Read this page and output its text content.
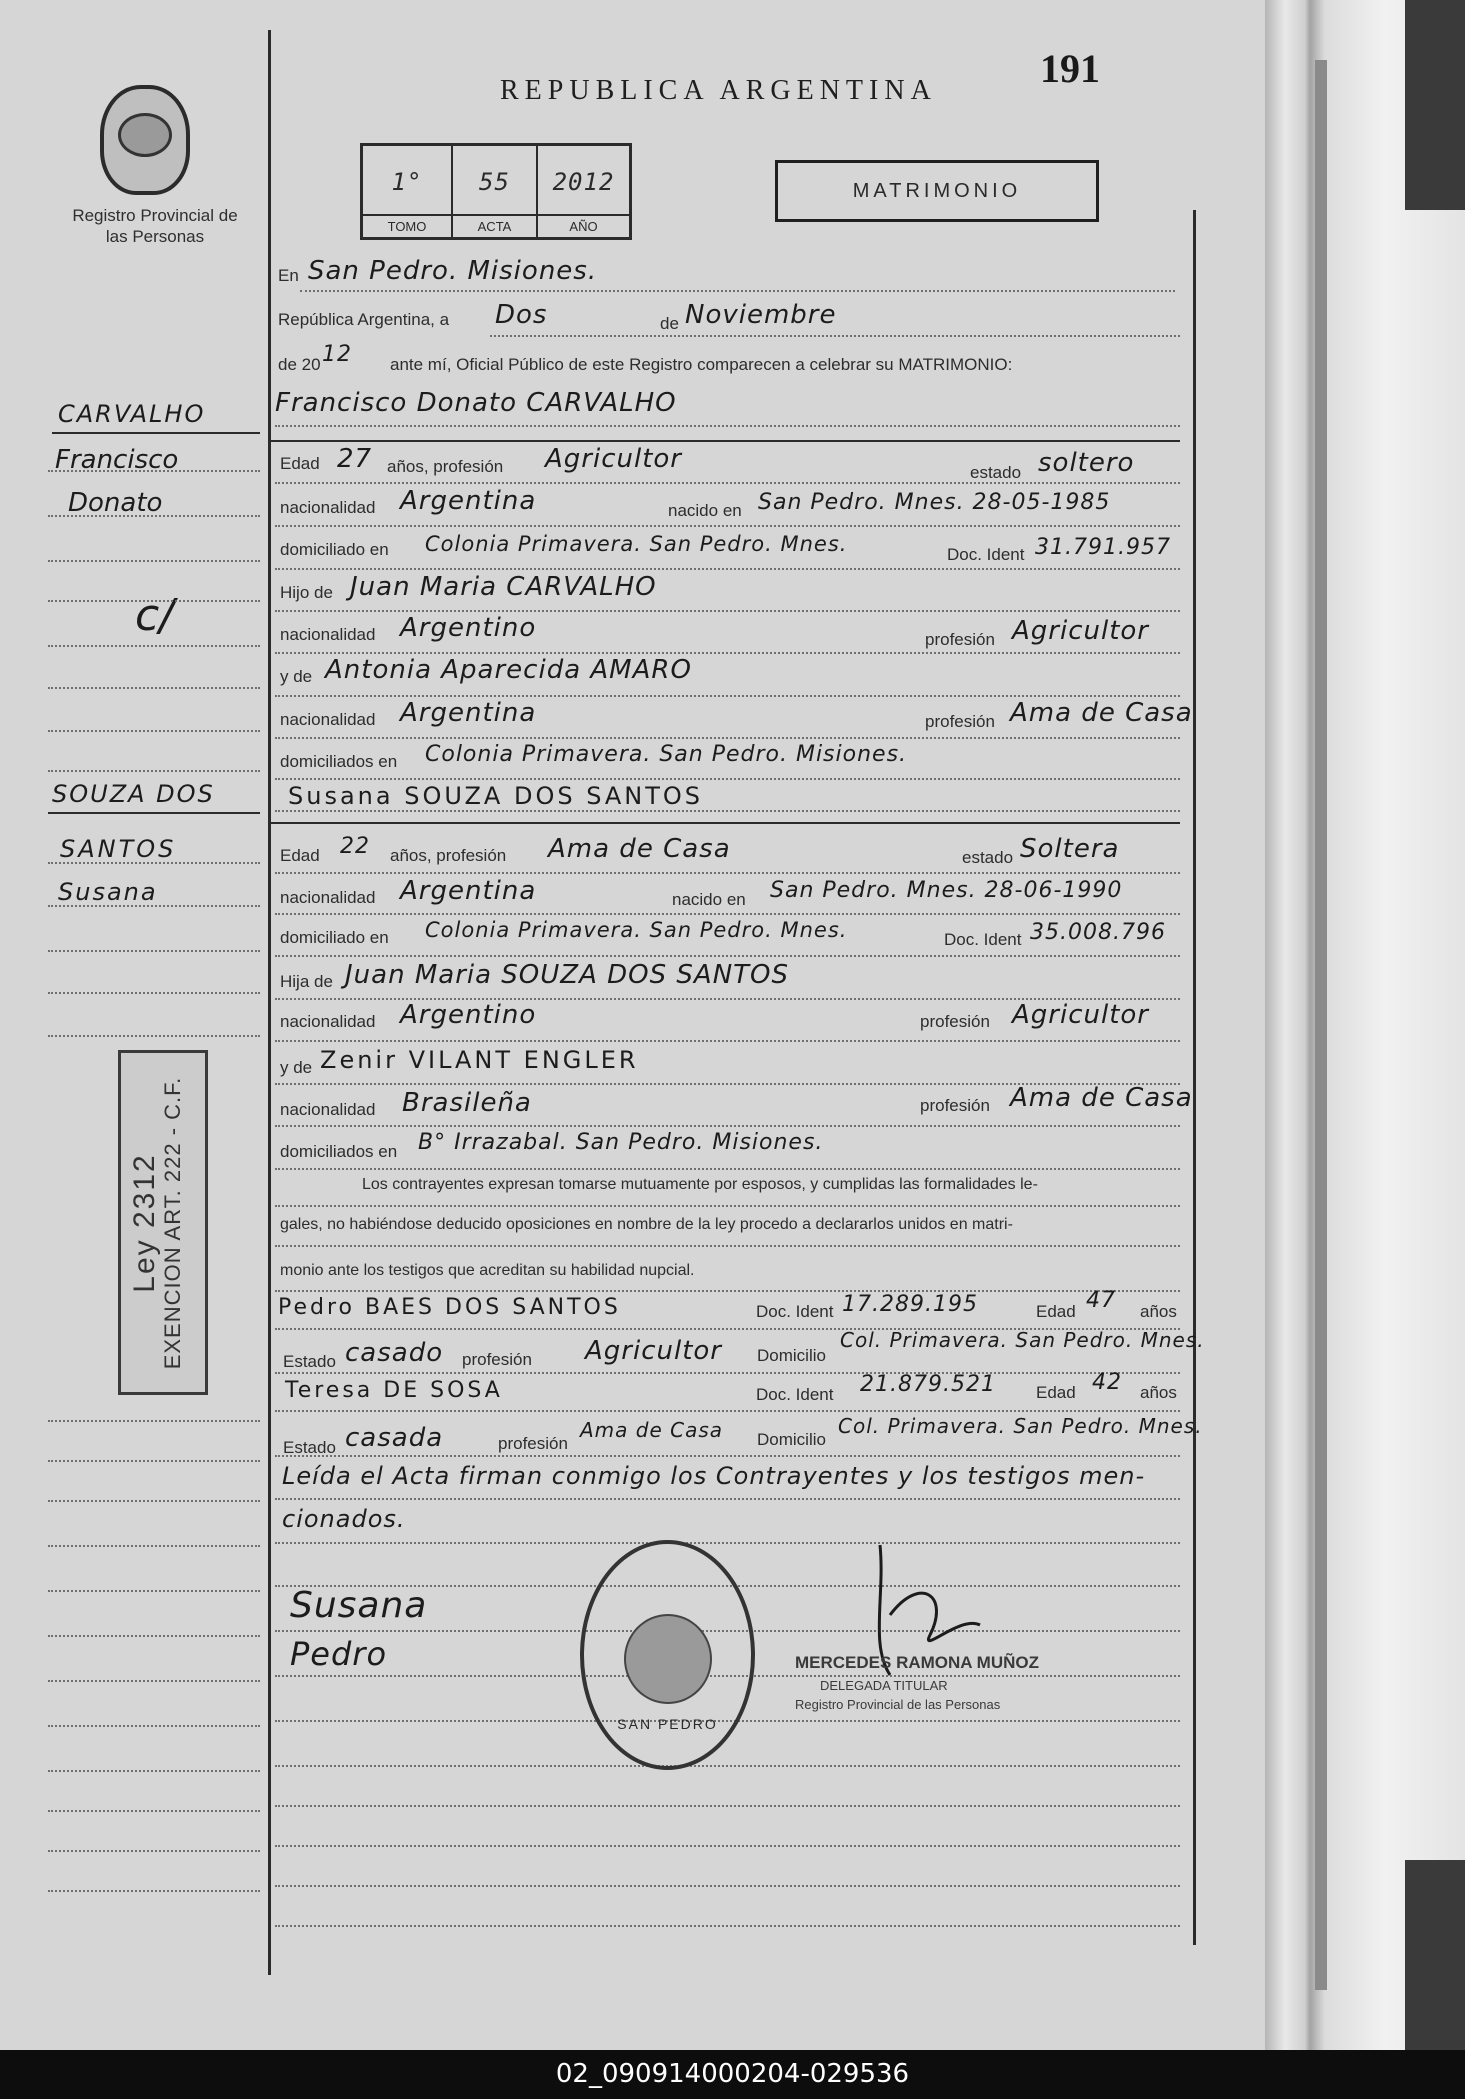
Registro Provincial de las Personas
REPUBLICA ARGENTINA	191
1°
TOMO
55
ACTA
2012
AÑO
MATRIMONIO
En San Pedro. Misiones.
República Argentina, a Dos	de Noviembre
de 20 12 ante mí, Oficial Público de este Registro comparecen a celebrar su MATRIMONIO:
Francisco Donato CARVALHO
Edad 27 años, profesión Agricultor	estado soltero
nacionalidad Argentina	nacido en San Pedro. Mnes. 28-05-1985
domiciliado en Colonia Primavera. San Pedro. Mnes.	Doc. Ident 31.791.957
Hijo de Juan Maria CARVALHO
nacionalidad Argentino	profesión Agricultor
y de Antonia Aparecida AMARO
nacionalidad Argentina	profesión Ama de Casa
domiciliados en Colonia Primavera. San Pedro. Misiones.
Susana SOUZA DOS SANTOS
Edad 22 años, profesión Ama de Casa	estado Soltera
nacionalidad Argentina	nacido en San Pedro. Mnes. 28-06-1990
domiciliado en Colonia Primavera. San Pedro. Mnes.	Doc. Ident 35.008.796
Hija de Juan Maria SOUZA DOS SANTOS
nacionalidad Argentino	profesión Agricultor
y de Zenir VILANT ENGLER
nacionalidad Brasileña	profesión Ama de Casa
domiciliados en B° Irrazabal. San Pedro. Misiones.
Los contrayentes expresan tomarse mutuamente por esposos, y cumplidas las formalidades le-
gales, no habiéndose deducido oposiciones en nombre de la ley procedo a declararlos unidos en matri-
monio ante los testigos que acreditan su habilidad nupcial.
Pedro BAES DOS SANTOS	Doc. Ident 17.289.195	Edad 47 años
Estado casado profesión Agricultor Domicilio
Col. Primavera. San Pedro. Mnes.
Teresa DE SOSA	Doc. Ident 21.879.521 Edad 42 años
Estado casada	profesión
Ama de Casa Domicilio
Col. Primavera. San Pedro. Mnes.
Leída el Acta firman conmigo los Contrayentes y los testigos men-
cionados.
Susana
Pedro
SAN PEDRO
MERCEDES RAMONA MUÑOZ
DELEGADA TITULAR
Registro Provincial de las Personas
CARVALHO
Francisco
Donato
c/
SOUZA DOS
SANTOS
Susana
Ley 2312 EXENCION ART. 222 - C.F.
02_090914000204-029536
